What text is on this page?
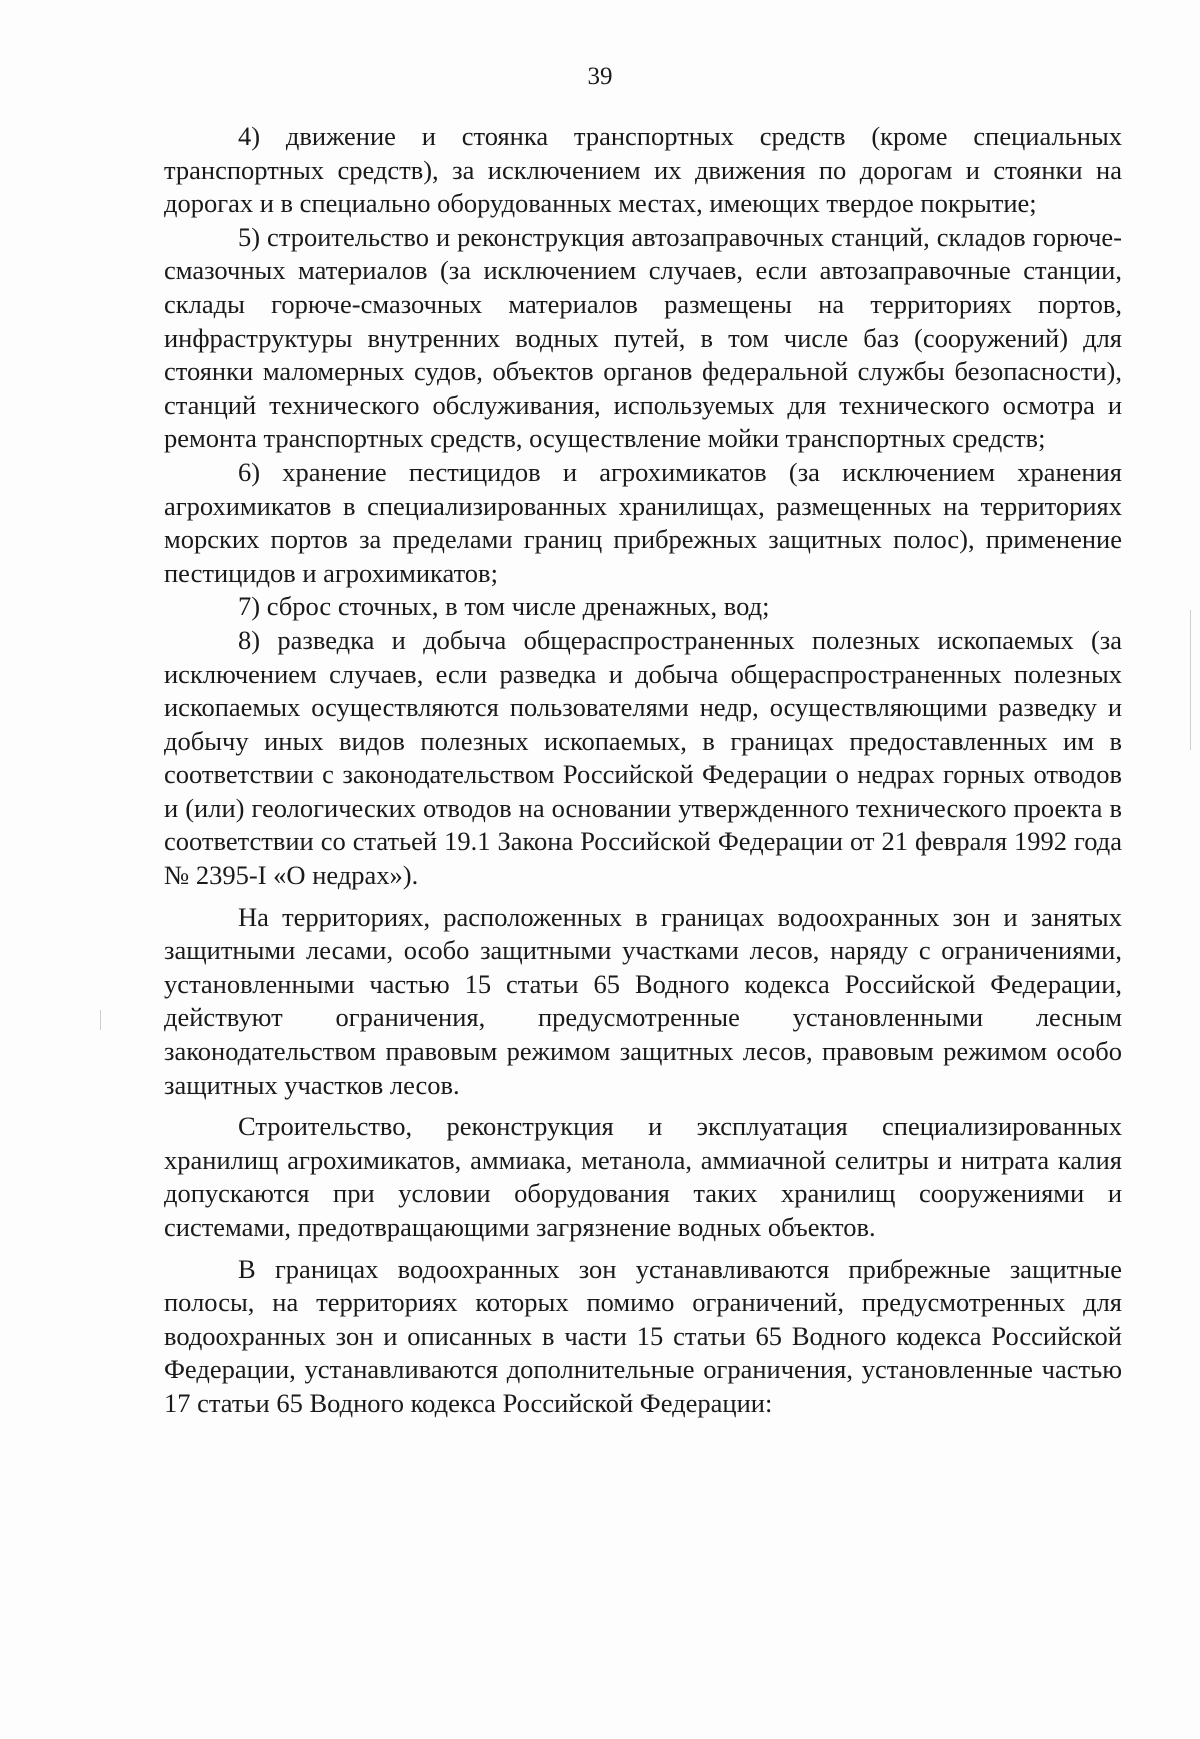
39

4) движение и стоянка транспортных средств (кроме специальных транспортных средств), за исключением их движения по дорогам и стоянки на дорогах и в специально оборудованных местах, имеющих твердое покрытие;

5) строительство и реконструкция автозаправочных станций, складов горюче-смазочных материалов (за исключением случаев, если автозаправочные станции, склады горюче-смазочных материалов размещены на территориях портов, инфраструктуры внутренних водных путей, в том числе баз (сооружений) для стоянки маломерных судов, объектов органов федеральной службы безопасности), станций технического обслуживания, используемых для технического осмотра и ремонта транспортных средств, осуществление мойки транспортных средств;

6) хранение пестицидов и агрохимикатов (за исключением хранения агрохимикатов в специализированных хранилищах, размещенных на территориях морских портов за пределами границ прибрежных защитных полос), применение пестицидов и агрохимикатов;

7) сброс сточных, в том числе дренажных, вод;

8) разведка и добыча общераспространенных полезных ископаемых (за исключением случаев, если разведка и добыча общераспространенных полезных ископаемых осуществляются пользователями недр, осуществляющими разведку и добычу иных видов полезных ископаемых, в границах предоставленных им в соответствии с законодательством Российской Федерации о недрах горных отводов и (или) геологических отводов на основании утвержденного технического проекта в соответствии со статьей 19.1 Закона Российской Федерации от 21 февраля 1992 года № 2395-I «О недрах»).

На территориях, расположенных в границах водоохранных зон и занятых защитными лесами, особо защитными участками лесов, наряду с ограничениями, установленными частью 15 статьи 65 Водного кодекса Российской Федерации, действуют ограничения, предусмотренные установленными лесным законодательством правовым режимом защитных лесов, правовым режимом особо защитных участков лесов.

Строительство, реконструкция и эксплуатация специализированных хранилищ агрохимикатов, аммиака, метанола, аммиачной селитры и нитрата калия допускаются при условии оборудования таких хранилищ сооружениями и системами, предотвращающими загрязнение водных объектов.

В границах водоохранных зон устанавливаются прибрежные защитные полосы, на территориях которых помимо ограничений, предусмотренных для водоохранных зон и описанных в части 15 статьи 65 Водного кодекса Российской Федерации, устанавливаются дополнительные ограничения, установленные частью 17 статьи 65 Водного кодекса Российской Федерации:
